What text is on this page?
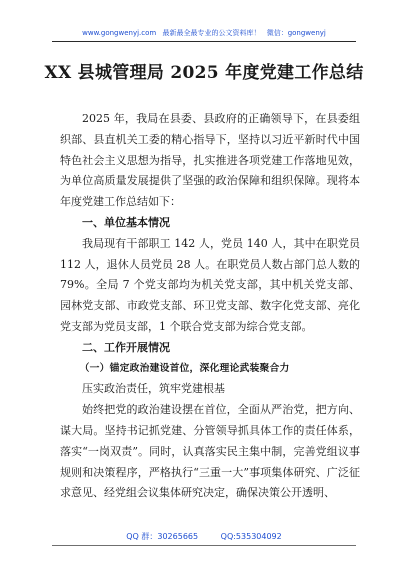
www.gongwenyj.com 最新最全最专业的公文资料库！ 微信：gongwenyj
XX 县城管理局 2025 年度党建工作总结

2025 年，我局在县委、县政府的正确领导下，在县委组织部、县直机关工委的精心指导下，坚持以习近平新时代中国特色社会主义思想为指导，扎实推进各项党建工作落地见效，为单位高质量发展提供了坚强的政治保障和组织保障。现将本年度党建工作总结如下：

一、单位基本情况

我局现有干部职工 142 人，党员 140 人，其中在职党员 112 人，退休人员党员 28 人。在职党员人数占部门总人数的 79%。全局 7 个党支部均为机关党支部，其中机关党支部、园林党支部、市政党支部、环卫党支部、数字化党支部、亮化党支部为党员支部，1 个联合党支部为综合党支部。

二、工作开展情况

（一）锚定政治建设首位，深化理论武装聚合力

压实政治责任，筑牢党建根基

始终把党的政治建设摆在首位，全面从严治党，把方向、谋大局。坚持书记抓党建、分管领导抓具体工作的责任体系，落实“一岗双责”。同时，认真落实民主集中制，完善党组议事规则和决策程序，严格执行“三重一大”事项集体研究、广泛征求意见、经党组会议集体研究决定，确保决策公开透明、

QQ 群：30265665	QQ:535304092
